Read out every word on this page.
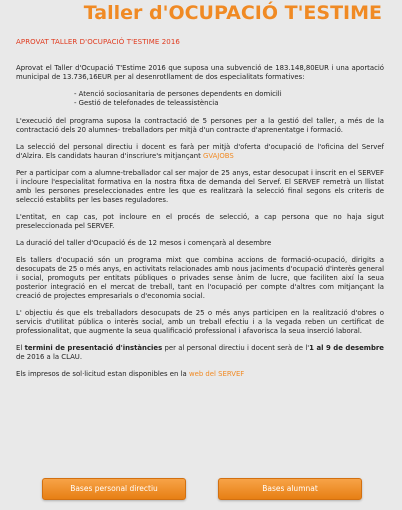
Taller d'OCUPACIÓ T'ESTIME
APROVAT TALLER D'OCUPACIÓ T'ESTIME 2016

Aprovat el Taller d'Ocupació T'Estime 2016 que suposa una subvenció de 183.148,80EUR i una aportació municipal de 13.736,16EUR per al desenrotllament de dos especialitats formatives:

- Atenció sociosanitaria de persones dependents en domicili
- Gestió de telefonades de teleassistència

L'execució del programa suposa la contractació de 5 persones per a la gestió del taller, a més de la contractació dels 20 alumnes- treballadors per mitjà d'un contracte d'aprenentatge i formació.

La selecció del personal directiu i docent es farà per mitjà d'oferta d'ocupació de l'oficina del Servef d'Alzira. Els candidats hauran d'inscriure's mitjançant GVAJOBS

Per a participar com a alumne-treballador cal ser major de 25 anys, estar desocupat i inscrit en el SERVEF i incloure l'especialitat formativa en la nostra fitxa de demanda del Servef. El SERVEF remetrà un llistat amb les persones preseleccionades entre les que es realitzarà la selecció final segons els criteris de selecció establits per les bases reguladores.

L'entitat, en cap cas, pot incloure en el procés de selecció, a cap persona que no haja sigut preseleccionada pel SERVEF.

La duració del taller d'Ocupació és de 12 mesos i començarà al desembre

Els tallers d'ocupació són un programa mixt que combina accions de formació-ocupació, dirigits a desocupats de 25 o més anys, en activitats relacionades amb nous jaciments d'ocupació d'interès general i social, promoguts per entitats públiques o privades sense ànim de lucre, que faciliten així la seua posterior integració en el mercat de treball, tant en l'ocupació per compte d'altres com mitjançant la creació de projectes empresarials o d'economia social.

L' objectiu és que els treballadors desocupats de 25 o més anys participen en la realització d'obres o servicis d'utilitat pública o interès social, amb un treball efectiu i a la vegada reben un certificat de professionalitat, que augmente la seua qualificació professional i afavorisca la seua inserció laboral.

El termini de presentació d'instàncies per al personal directiu i docent serà de l'1 al 9 de desembre de 2016 a la CLAU.

Els impresos de sol·licitud estan disponibles en la web del SERVEF

Bases personal directiu	Bases alumnat
